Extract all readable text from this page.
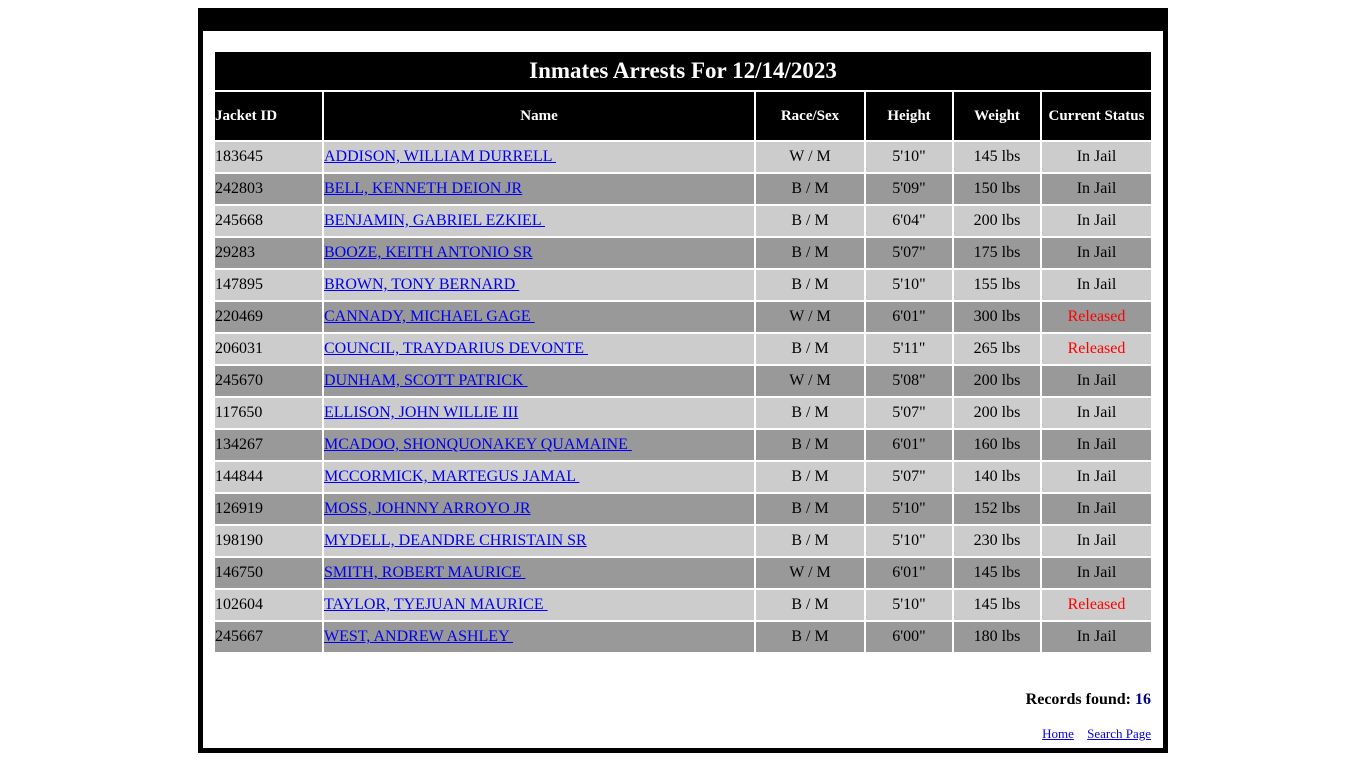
Inmates Arrests For 12/14/2023					
Jacket ID	Name	Race/Sex	Height	Weight	Current Status
183645	ADDISON, WILLIAM DURRELL	W / M	5'10"	145 lbs	In Jail
242803	BELL, KENNETH DEION JR	B / M	5'09"	150 lbs	In Jail
245668	BENJAMIN, GABRIEL EZKIEL	B / M	6'04"	200 lbs	In Jail
29283	BOOZE, KEITH ANTONIO SR	B / M	5'07"	175 lbs	In Jail
147895	BROWN, TONY BERNARD	B / M	5'10"	155 lbs	In Jail
220469	CANNADY, MICHAEL GAGE	W / M	6'01"	300 lbs	Released
206031	COUNCIL, TRAYDARIUS DEVONTE	B / M	5'11"	265 lbs	Released
245670	DUNHAM, SCOTT PATRICK	W / M	5'08"	200 lbs	In Jail
117650	ELLISON, JOHN WILLIE III	B / M	5'07"	200 lbs	In Jail
134267	MCADOO, SHONQUONAKEY QUAMAINE	B / M	6'01"	160 lbs	In Jail
144844	MCCORMICK, MARTEGUS JAMAL	B / M	5'07"	140 lbs	In Jail
126919	MOSS, JOHNNY ARROYO JR	B / M	5'10"	152 lbs	In Jail
198190	MYDELL, DEANDRE CHRISTAIN SR	B / M	5'10"	230 lbs	In Jail
146750	SMITH, ROBERT MAURICE	W / M	6'01"	145 lbs	In Jail
102604	TAYLOR, TYEJUAN MAURICE	B / M	5'10"	145 lbs	Released
245667	WEST, ANDREW ASHLEY	B / M	6'00"	180 lbs	In Jail
Records found: 16
Home Search Page
